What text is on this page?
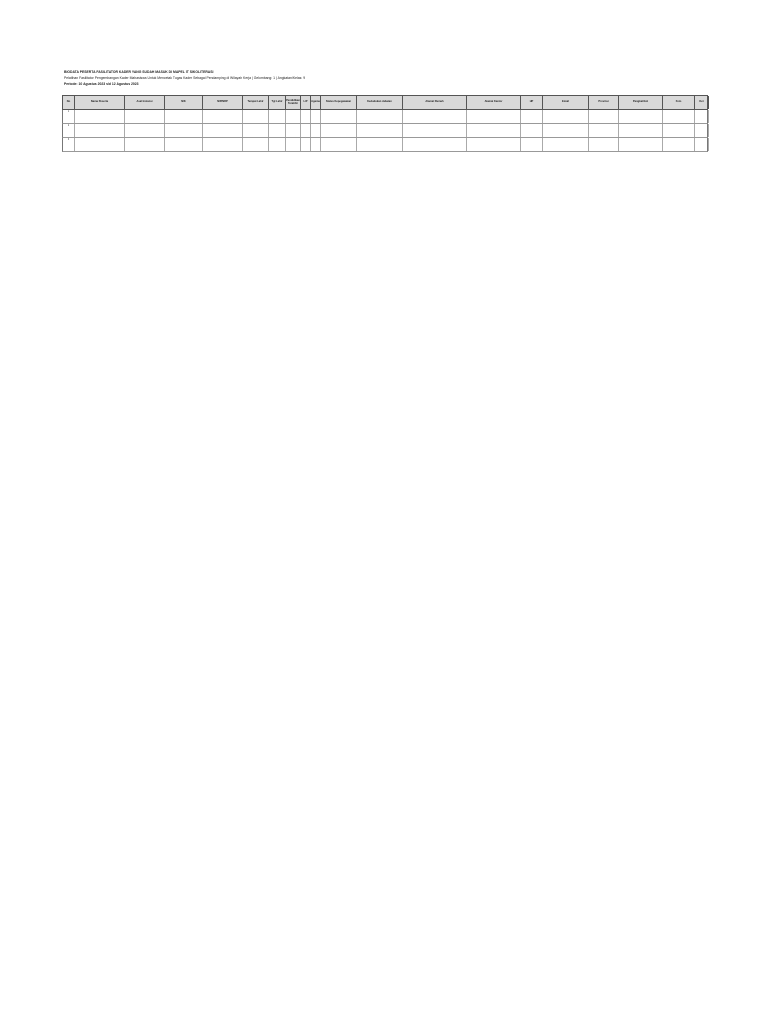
BIODATA PESERTA FASILITATOR KADER YANG SUDAH MASUK DI MAPEL IT SIKOLITERASI
Pelatihan Fasilitator Pengembangan Kader Mahasiswa Untuk Mencetak Tugas Kader Sebagai Pendamping di Wilayah Kerja | Gelombang: 1 | Angkatan/Kelas: 9
Periode: 10 Agustus 2023 s/d 12 Agustus 2023
No	Nama Peserta	Asal Instansi	NIK	NIP/NRP	Tempat Lahir	Tgl Lahir	Pendidikan Terakhir	L/P	Agama	Status Kepegawaian	Kedudukan Jabatan	Alamat Rumah	Alamat Kantor	HP	Email	Provinsi	Pangkat/Gol	Foto	Ket
1
2
3
